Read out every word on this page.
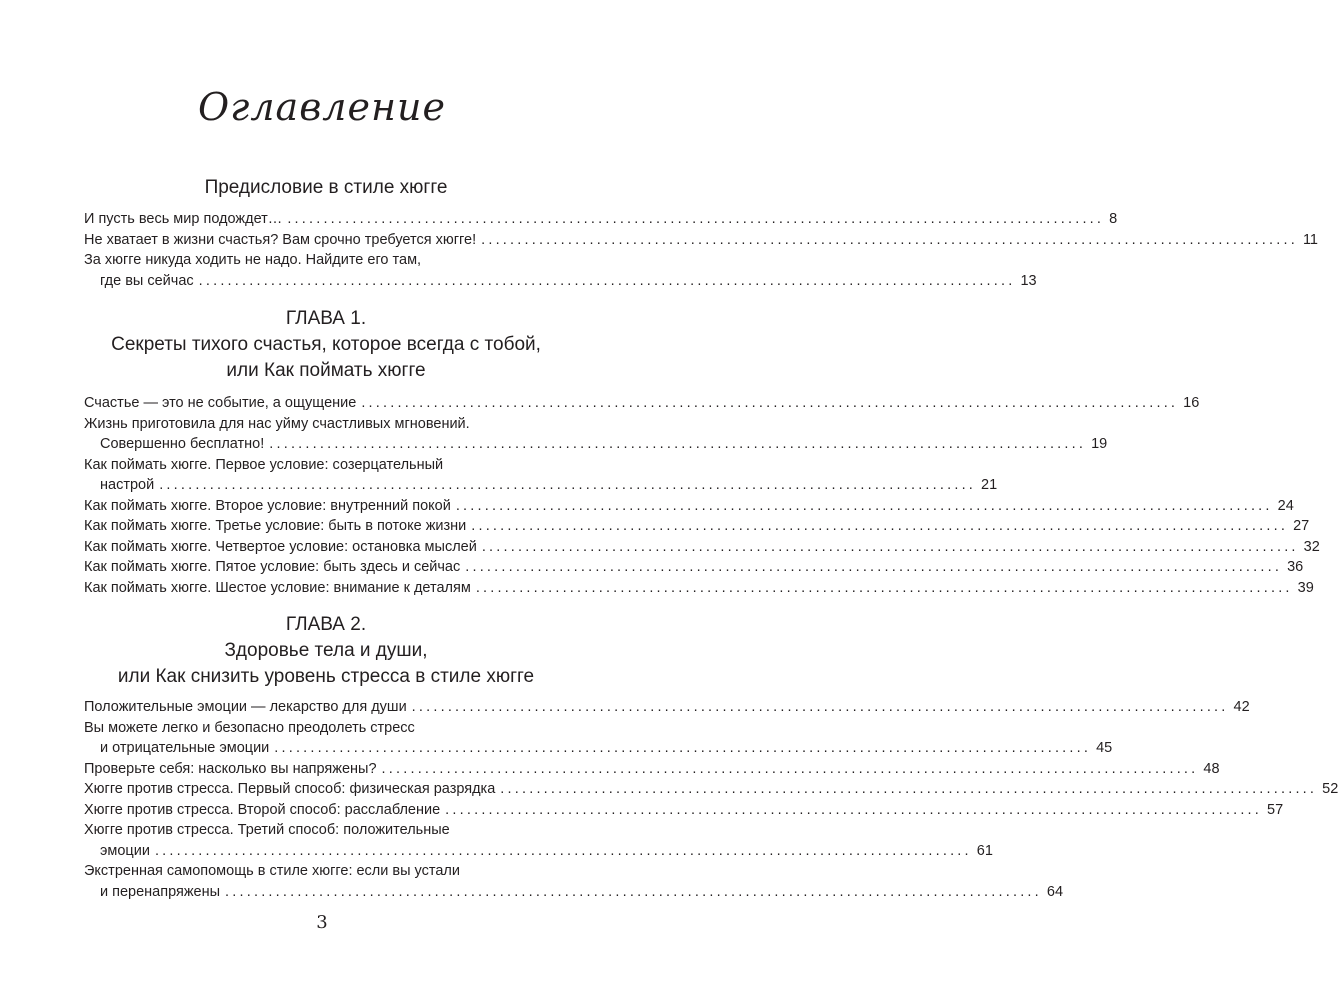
Оглавление
Предисловие в стиле хюгге
И пусть весь мир подождет… ................................................................................................................. 8
Не хватает в жизни счастья? Вам срочно требуется хюгге! ................................................................................................................. 11
За хюгге никуда ходить не надо. Найдите его там,
где вы сейчас ................................................................................................................. 13
ГЛАВА 1.
Секреты тихого счастья, которое всегда с тобой,
или Как поймать хюгге
Счастье — это не событие, а ощущение ................................................................................................................. 16
Жизнь приготовила для нас уйму счастливых мгновений.
Совершенно бесплатно! ................................................................................................................. 19
Как поймать хюгге. Первое условие: созерцательный
настрой ................................................................................................................. 21
Как поймать хюгге. Второе условие: внутренний покой ................................................................................................................. 24
Как поймать хюгге. Третье условие: быть в потоке жизни ................................................................................................................. 27
Как поймать хюгге. Четвертое условие: остановка мыслей ................................................................................................................. 32
Как поймать хюгге. Пятое условие: быть здесь и сейчас ................................................................................................................. 36
Как поймать хюгге. Шестое условие: внимание к деталям ................................................................................................................. 39
ГЛАВА 2.
Здоровье тела и души,
или Как снизить уровень стресса в стиле хюгге
Положительные эмоции — лекарство для души ................................................................................................................. 42
Вы можете легко и безопасно преодолеть стресс
и отрицательные эмоции ................................................................................................................. 45
Проверьте себя: насколько вы напряжены? ................................................................................................................. 48
Хюгге против стресса. Первый способ: физическая разрядка ................................................................................................................. 52
Хюгге против стресса. Второй способ: расслабление ................................................................................................................. 57
Хюгге против стресса. Третий способ: положительные
эмоции ................................................................................................................. 61
Экстренная самопомощь в стиле хюгге: если вы устали
и перенапряжены ................................................................................................................. 64
3
